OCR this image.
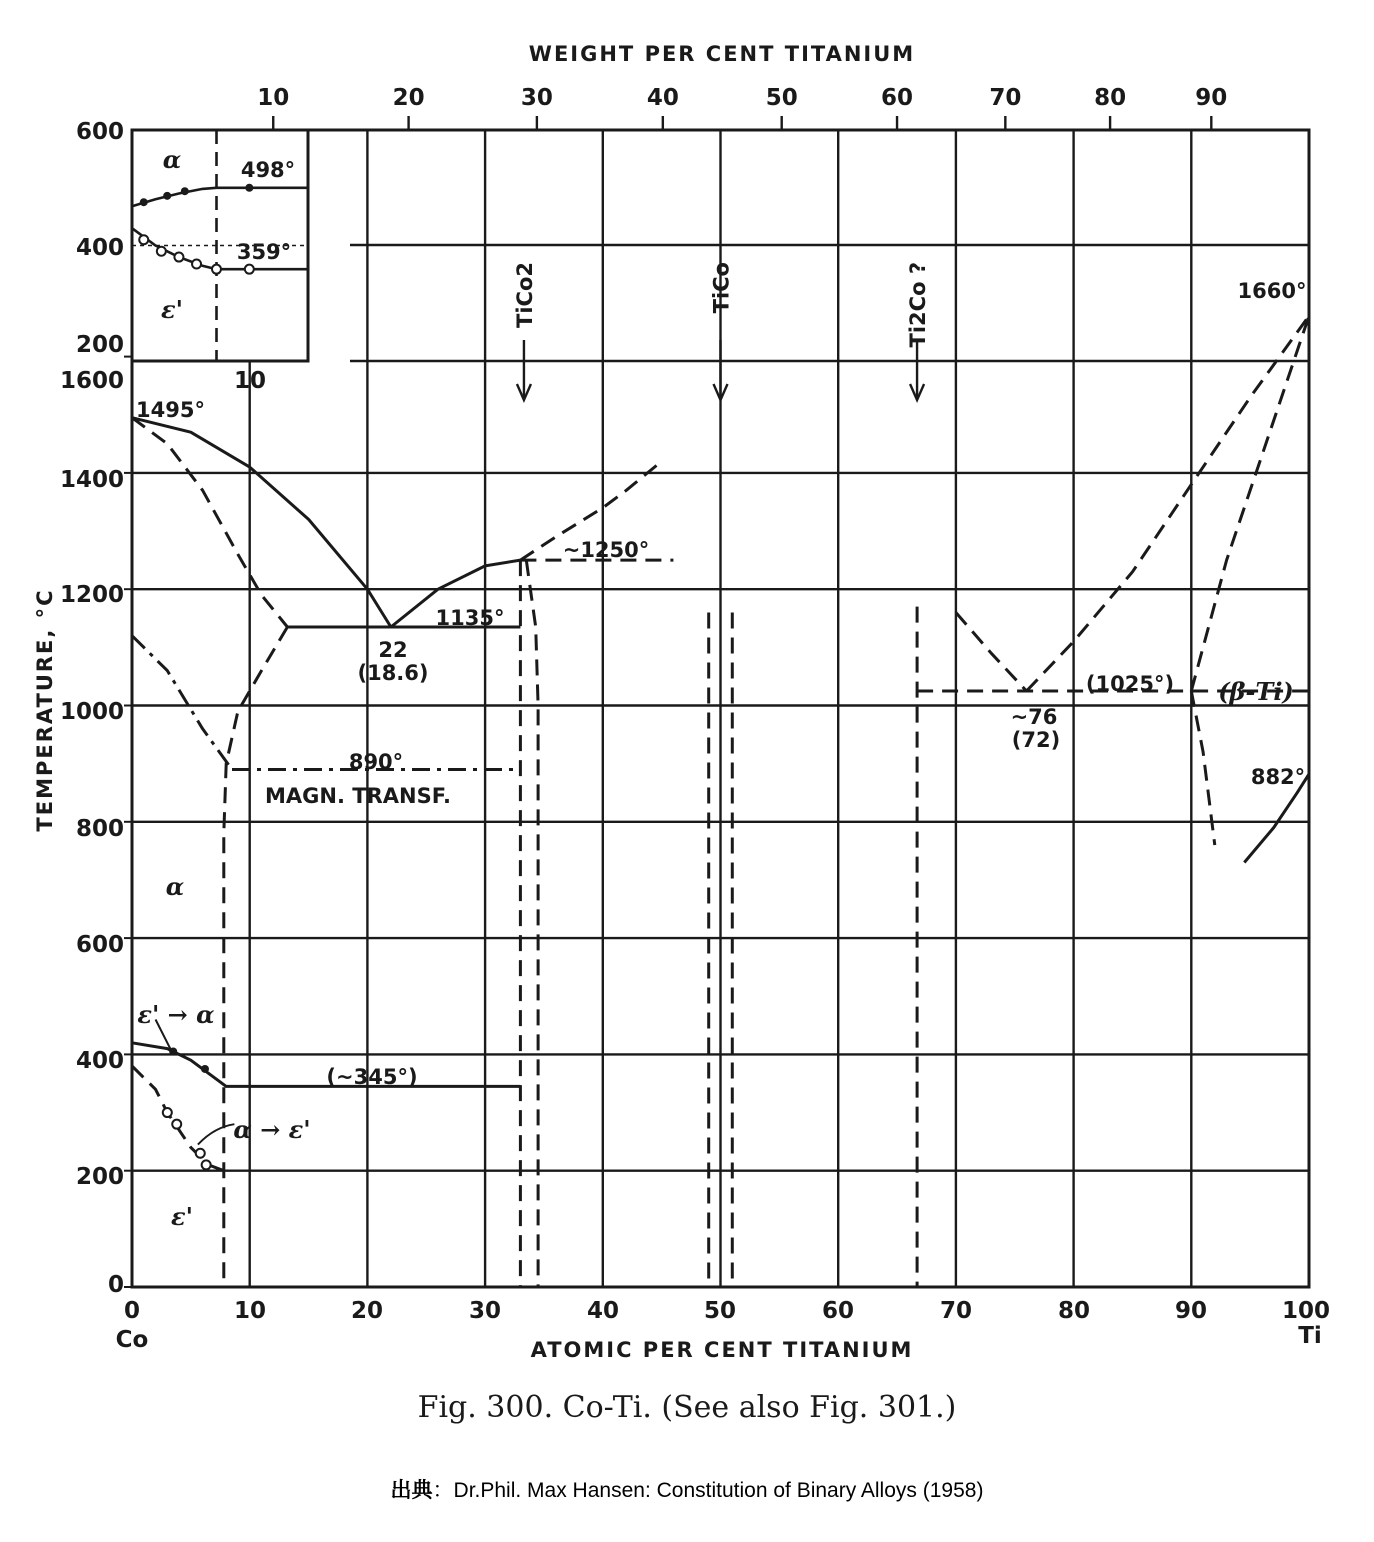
WEIGHT PER CENT TITANIUM
ATOMIC PER CENT TITANIUM
TEMPERATURE, °C
0	10	20	30	40	50	60	70	80	90	100
Co	Ti
0
200
400
600
800
1000
1200
1400
1600
600
400
200
10
α	498°
359°
ε'
10	20	30	40	50	60	70	80	90
TiCo2	TiCo	Ti2Co ?
1495°
~1250°
1135°
22
(18.6)
890°
MAGN. TRANSF.
α
ε' → α
(~345°)
α → ε'
ε'
(1025°) (β-Ti)
~76
(72)
1660°
882°
Fig. 300. Co-Ti. (See also Fig. 301.)
出典：Dr.Phil. Max Hansen: Constitution of Binary Alloys (1958)
